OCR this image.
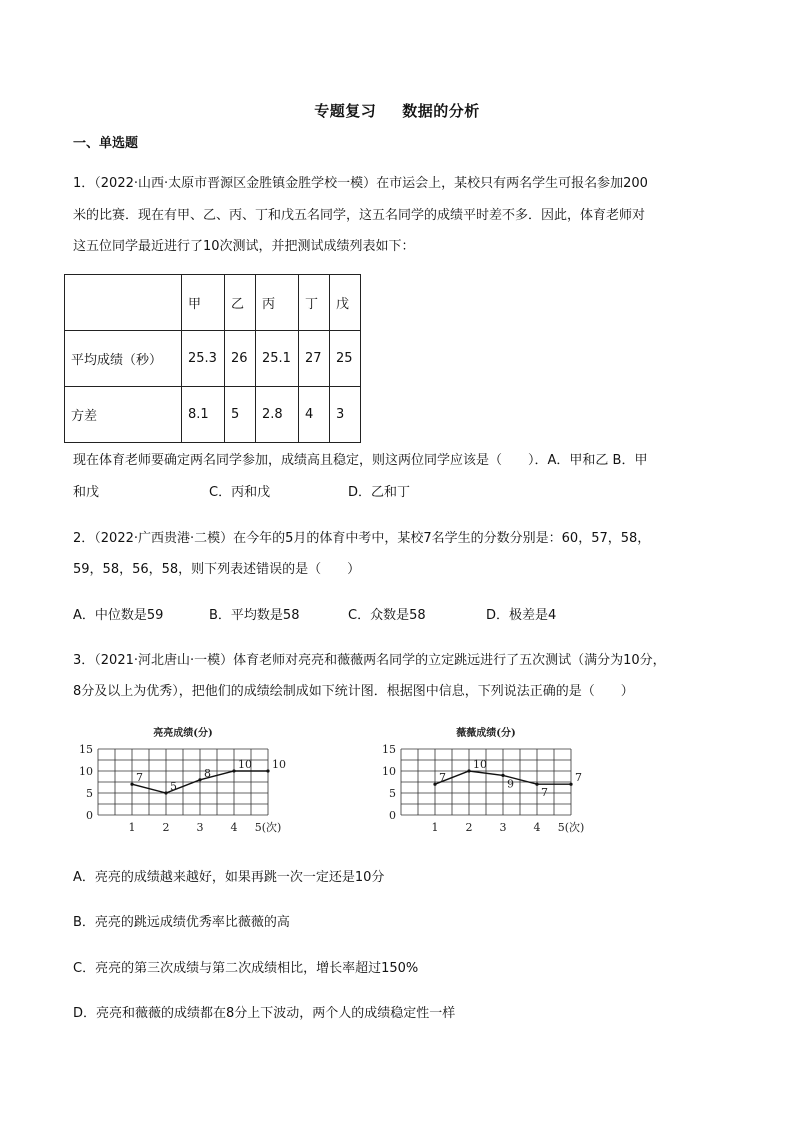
专题复习 数据的分析
一、单选题
1．（2022·山西·太原市晋源区金胜镇金胜学校一模）在市运会上，某校只有两名学生可报名参加200
米的比赛．现在有甲、乙、丙、丁和戊五名同学，这五名同学的成绩平时差不多．因此，体育老师对
这五位同学最近进行了10次测试，并把测试成绩列表如下：
	甲	乙	丙	丁	戊
平均成绩（秒）	25.3	26	25.1	27	25
方差	8.1	5	2.8	4	3
现在体育老师要确定两名同学参加，成绩高且稳定，则这两位同学应该是（　　）．A．甲和乙 B．甲
和戊	C．丙和戊	D．乙和丁
2．（2022·广西贵港·二模）在今年的5月的体育中考中，某校7名学生的分数分别是：60，57，58，
59，58，56，58，则下列表述错误的是（　　）
A．中位数是59	B．平均数是58	C．众数是58	D．极差是4
3．（2021·河北唐山·一模）体育老师对亮亮和薇薇两名同学的立定跳远进行了五次测试（满分为10分，
8分及以上为优秀），把他们的成绩绘制成如下统计图．根据图中信息，下列说法正确的是（　　）
亮亮成绩(分)
0
5
10
15
1 2 3 4 5(次)
7
5
8
10 10
薇薇成绩(分)
0
5
10
15
1 2 3 4 5(次)
7
10
9
7
7
A．亮亮的成绩越来越好，如果再跳一次一定还是10分
B．亮亮的跳远成绩优秀率比薇薇的高
C．亮亮的第三次成绩与第二次成绩相比，增长率超过150%
D．亮亮和薇薇的成绩都在8分上下波动，两个人的成绩稳定性一样
